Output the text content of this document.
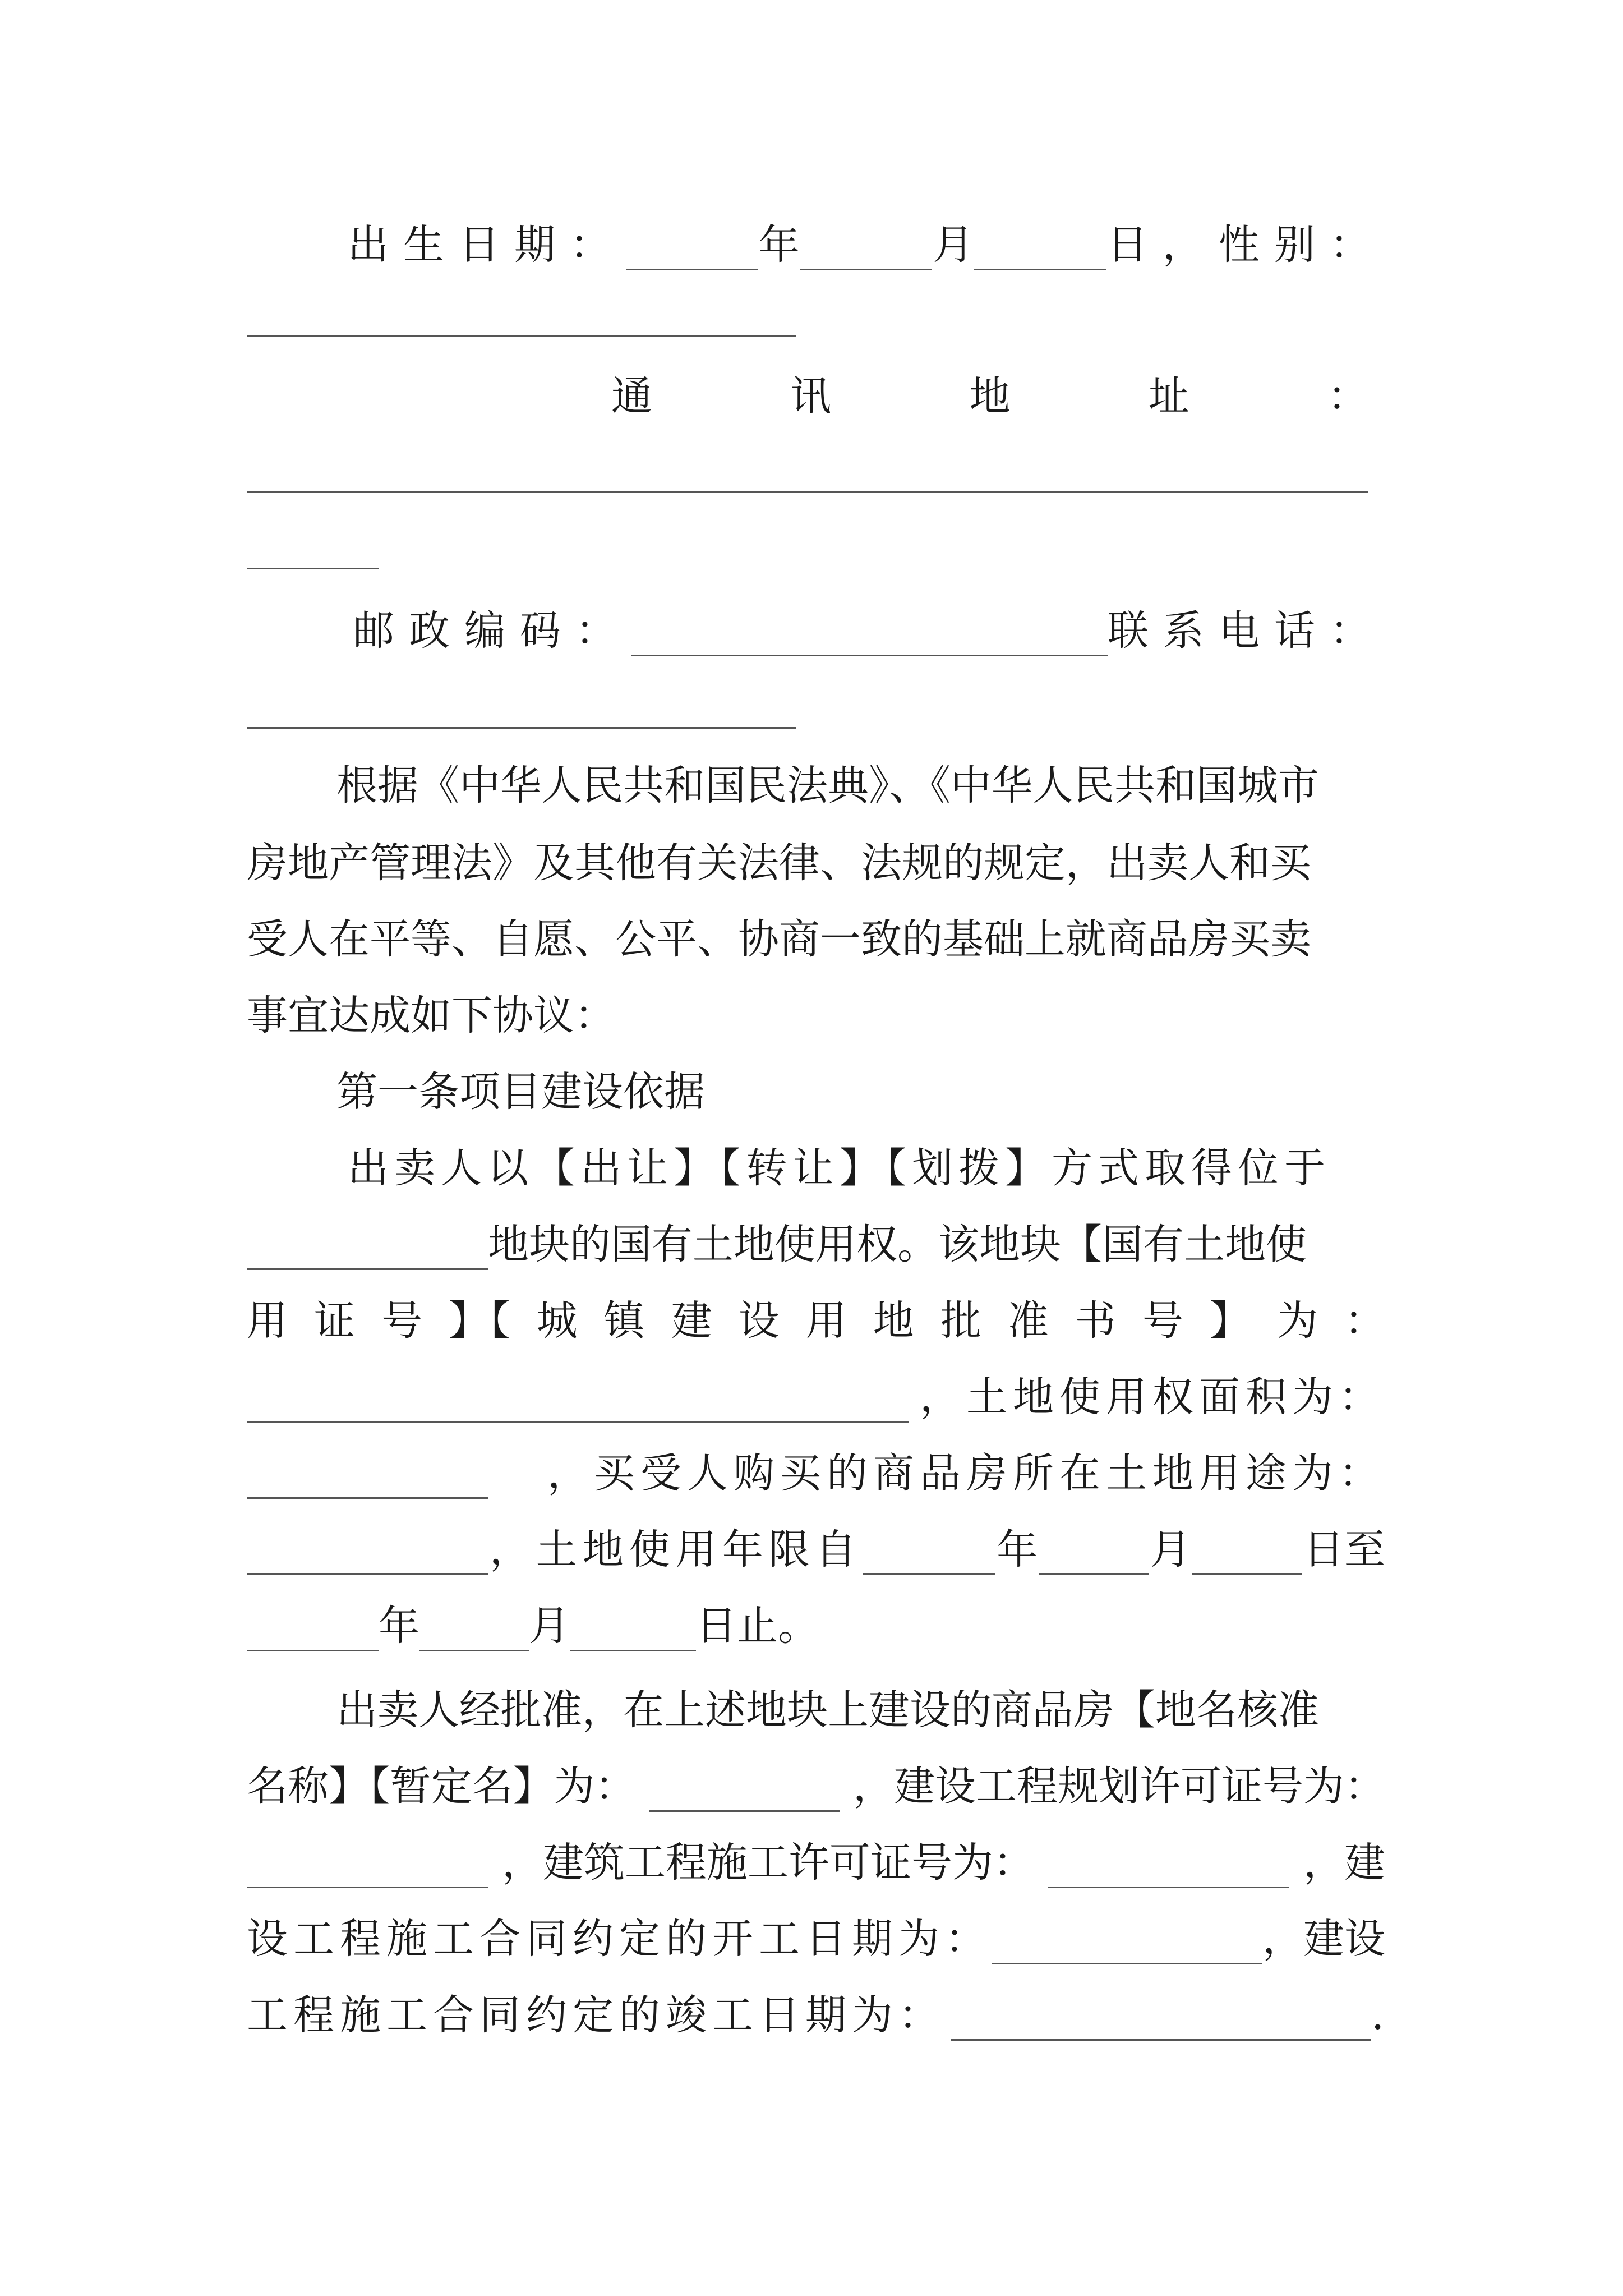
出生日期：	年	月	日， 性别：
通	讯	地	址	：
邮政编码：	联系电话：
根据《中华人民共和国民法典》、《中华人民共和国城市
房地产管理法》及其他有关法律、法规的规定，出卖人和买
受人在平等、自愿、公平、协商一致的基础上就商品房买卖
事宜达成如下协议：
第一条项目建设依据
出卖人以【出让】【转让】【划拨】方式取得位于
地块的国有土地使用权。该地块【国有土地使
用 证 号 】【 城 镇 建 设 用 地 批 准 书 号 】 为 ：
，土地使用权面积为：
，买受人购买的商品房所在土地用途为：
，土地使用年限自	年	月	日至
年	月	日止。
出卖人经批准，在上述地块上建设的商品房【地名核准
名称】【暂定名】为：	，建设工程规划许可证号为：
，建筑工程施工许可证号为：	，建
设工程施工合同约定的开工日期为：	，建设
工程施工合同约定的竣工日期为：	.
